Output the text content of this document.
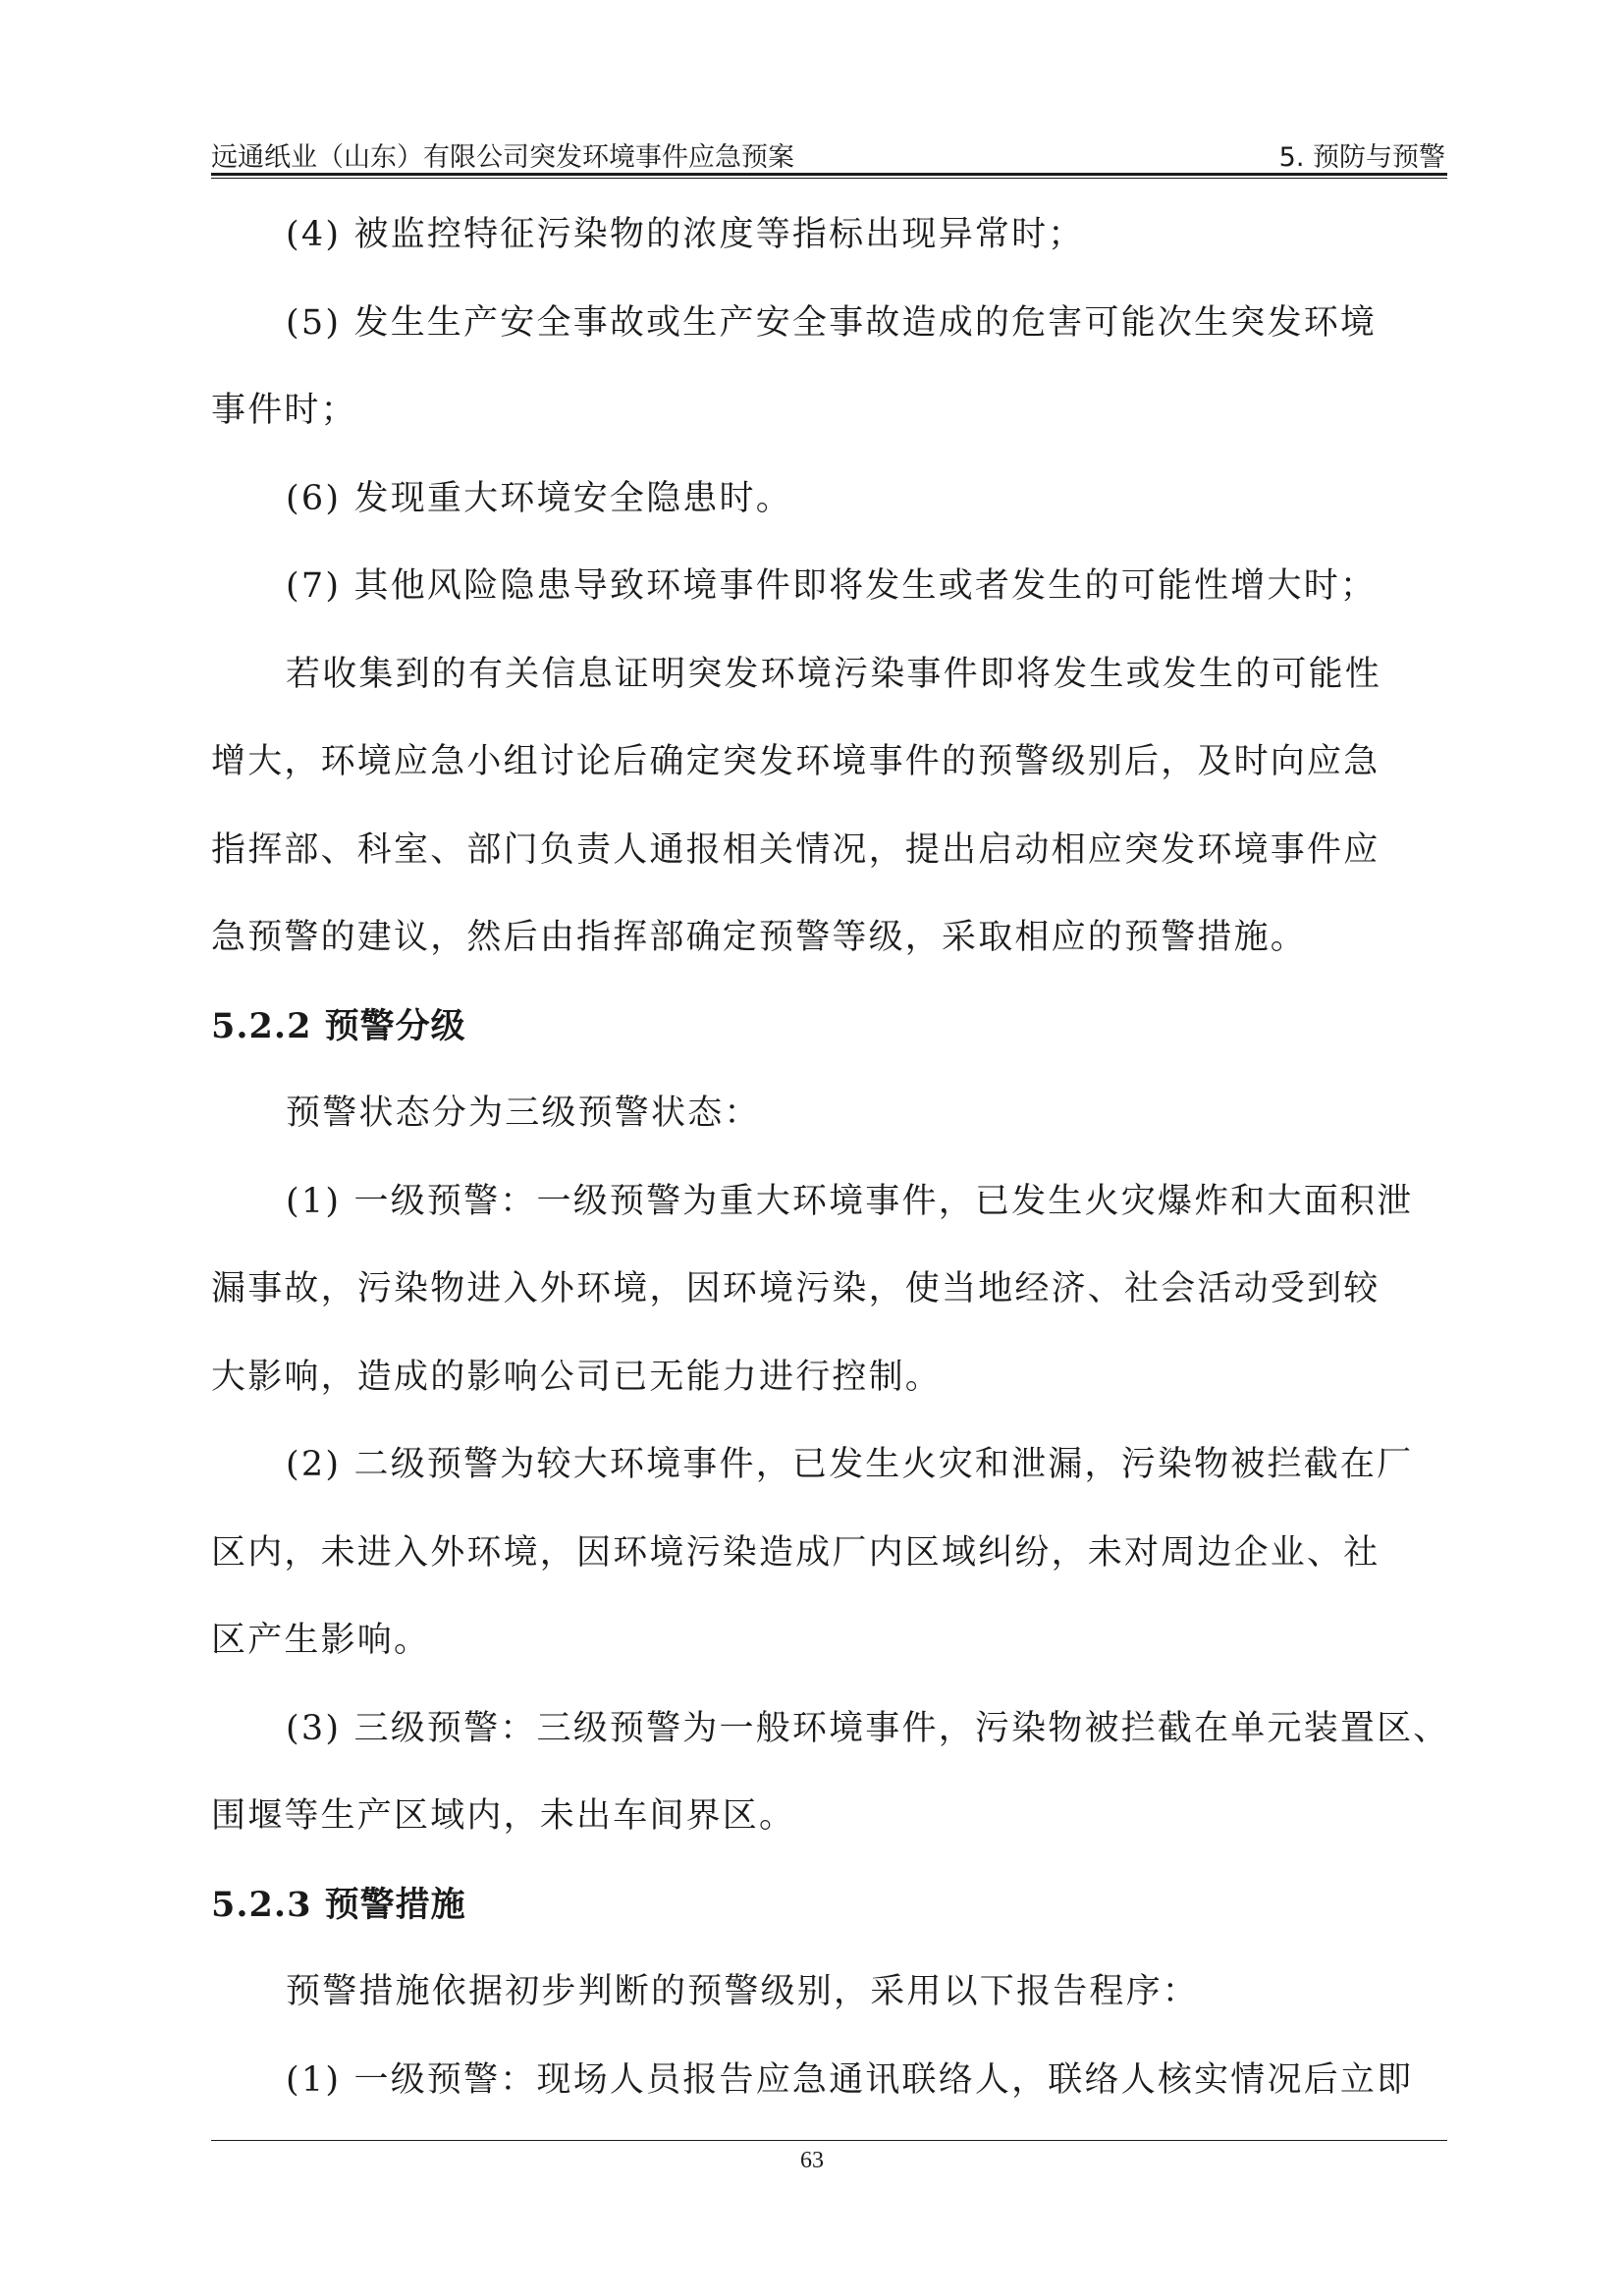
远通纸业（山东）有限公司突发环境事件应急预案	5. 预防与预警

(4) 被监控特征污染物的浓度等指标出现异常时；

(5) 发生生产安全事故或生产安全事故造成的危害可能次生突发环境

事件时；

(6) 发现重大环境安全隐患时。

(7) 其他风险隐患导致环境事件即将发生或者发生的可能性增大时；

若收集到的有关信息证明突发环境污染事件即将发生或发生的可能性

增大，环境应急小组讨论后确定突发环境事件的预警级别后，及时向应急

指挥部、科室、部门负责人通报相关情况，提出启动相应突发环境事件应

急预警的建议，然后由指挥部确定预警等级，采取相应的预警措施。

5.2.2 预警分级

预警状态分为三级预警状态：

(1) 一级预警：一级预警为重大环境事件，已发生火灾爆炸和大面积泄

漏事故，污染物进入外环境，因环境污染，使当地经济、社会活动受到较

大影响，造成的影响公司已无能力进行控制。

(2) 二级预警为较大环境事件，已发生火灾和泄漏，污染物被拦截在厂

区内，未进入外环境，因环境污染造成厂内区域纠纷，未对周边企业、社

区产生影响。

(3) 三级预警：三级预警为一般环境事件，污染物被拦截在单元装置区、

围堰等生产区域内，未出车间界区。

5.2.3 预警措施

预警措施依据初步判断的预警级别，采用以下报告程序：

(1) 一级预警：现场人员报告应急通讯联络人，联络人核实情况后立即

63
